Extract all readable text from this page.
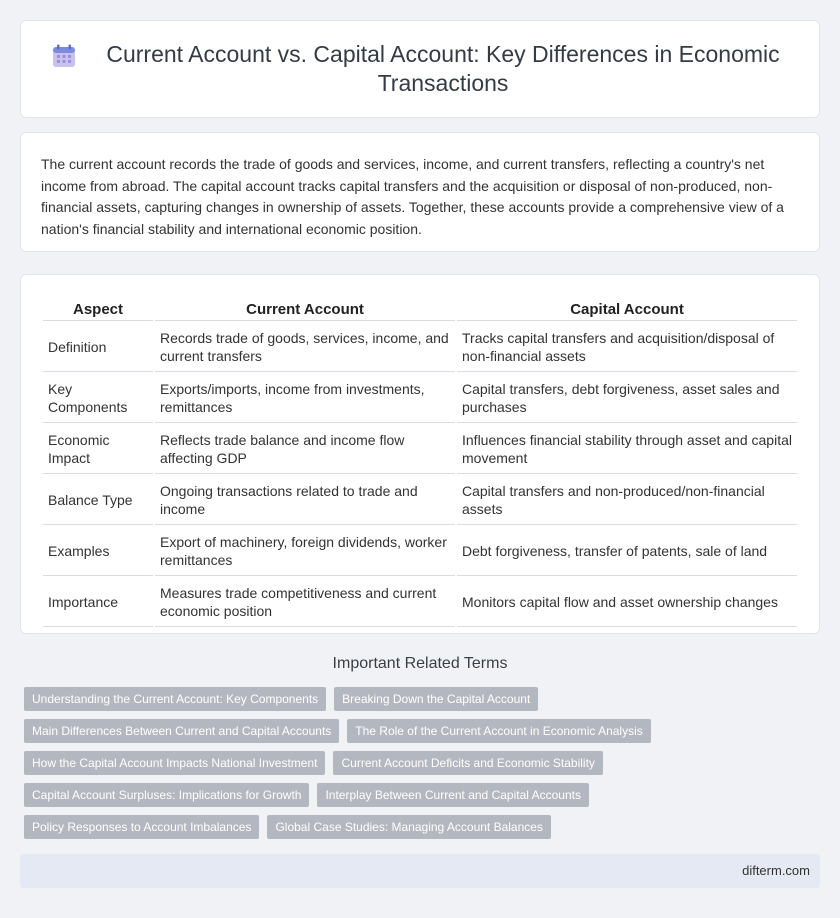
Current Account vs. Capital Account: Key Differences in Economic Transactions

The current account records the trade of goods and services, income, and current transfers, reflecting a country's net income from abroad. The capital account tracks capital transfers and the acquisition or disposal of non-produced, non-financial assets, capturing changes in ownership of assets. Together, these accounts provide a comprehensive view of a nation's financial stability and international economic position.

Aspect	Current Account	Capital Account
Definition	Records trade of goods, services, income, and current transfers	Tracks capital transfers and acquisition/disposal of non-financial assets
Key Components	Exports/imports, income from investments, remittances	Capital transfers, debt forgiveness, asset sales and purchases
Economic Impact	Reflects trade balance and income flow affecting GDP	Influences financial stability through asset and capital movement
Balance Type	Ongoing transactions related to trade and income	Capital transfers and non-produced/non-financial assets
Examples	Export of machinery, foreign dividends, worker remittances	Debt forgiveness, transfer of patents, sale of land
Importance	Measures trade competitiveness and current economic position	Monitors capital flow and asset ownership changes
Important Related Terms
Understanding the Current Account: Key Components	Breaking Down the Capital Account
Main Differences Between Current and Capital Accounts	The Role of the Current Account in Economic Analysis
How the Capital Account Impacts National Investment	Current Account Deficits and Economic Stability
Capital Account Surpluses: Implications for Growth	Interplay Between Current and Capital Accounts
Policy Responses to Account Imbalances	Global Case Studies: Managing Account Balances
difterm.com
